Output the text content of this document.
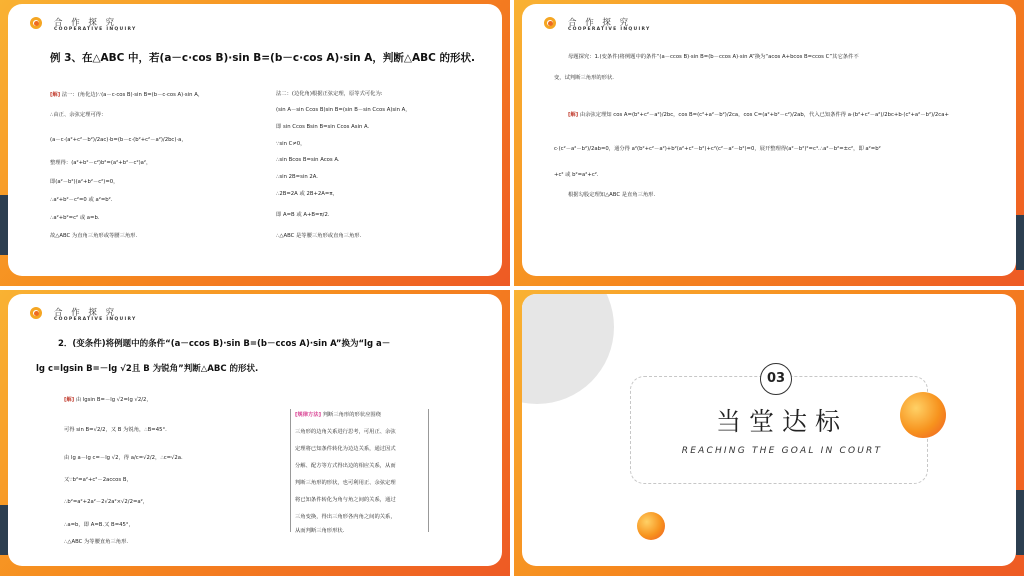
合 作 探 究
COOPERATIVE INQUIRY
例 3、在△ABC 中，若(a－c·cos B)·sin B=(b－c·cos A)·sin A，判断△ABC 的形状.
[解] 法一：(角化边)∵(a－c·cos B)·sin B=(b－c·cos A)·sin A，
∴由正、余弦定理可得：
(a－c·(a²+c²－b²)/2ac)·b=(b－c·(b²+c²－a²)/2bc)·a，
整理得：(a²+b²－c²)b²=(a²+b²－c²)a²，
即(a²－b²)(a²+b²－c²)=0，
∴a²+b²－c²=0 或 a²=b².
∴a²+b²=c² 或 a=b.
故△ABC 为直角三角形或等腰三角形.
法二：(边化角)根据正弦定理，原等式可化为:
(sin A－sin Ccos B)sin B=(sin B－sin Ccos A)sin A，
即 sin Ccos Bsin B=sin Ccos Asin A.
∵sin C≠0，
∴sin Bcos B=sin Acos A.
∴sin 2B=sin 2A.
∴2B=2A 或 2B+2A=π，
即 A=B 或 A+B=π/2.
∴△ABC 是等腰三角形或直角三角形.
合 作 探 究
COOPERATIVE INQUIRY
母题探究：1.(变条件)将例题中的条件“(a－ccos B)·sin B=(b－ccos A)·sin A”换为“acos A+bcos B=ccos C”其它条件不
变，试判断三角形的形状.
[解] 由余弦定理知 cos A=(b²+c²－a²)/2bc，cos B=(c²+a²－b²)/2ca，cos C=(a²+b²－c²)/2ab，代入已知条件得 a·(b²+c²－a²)/2bc+b·(c²+a²－b²)/2ca+
c·(c²－a²－b²)/2ab=0，通分得 a²(b²+c²－a²)+b²(a²+c²－b²)+c²(c²－a²－b²)=0，展开整理得(a²－b²)²=c⁴.∴a²－b²=±c²，即 a²=b²
+c² 或 b²=a²+c².
根据勾股定理知△ABC 是直角三角形.
合 作 探 究
COOPERATIVE INQUIRY
2．(变条件)将例题中的条件“(a－ccos B)·sin B=(b－ccos A)·sin A”换为“lg a－
lg c=lgsin B=－lg √2且 B 为锐角”判断△ABC 的形状.
[解] 由 lgsin B=－lg √2=lg √2/2，
可得 sin B=√2/2，又 B 为锐角，∴B=45°.
由 lg a－lg c=－lg √2，得 a/c=√2/2，∴c=√2a.
又∵b²=a²+c²－2accos B，
∴b²=a²+2a²－2√2a²×√2/2=a²，
∴a=b，即 A=B.又 B=45°，
∴△ABC 为等腰直角三角形.
[规律方法] 判断三角形的形状应围绕
三角形的边角关系进行思考，可用正、余弦
定理将已知条件转化为边边关系，通过因式
分解、配方等方式得出边的相应关系，从而
判断三角形的形状，也可利用正、余弦定理
将已知条件转化为角与角之间的关系，通过
三角变换，得出三角形各内角之间的关系，
从而判断三角形形状.
03
当堂达标
REACHING THE GOAL IN COURT
